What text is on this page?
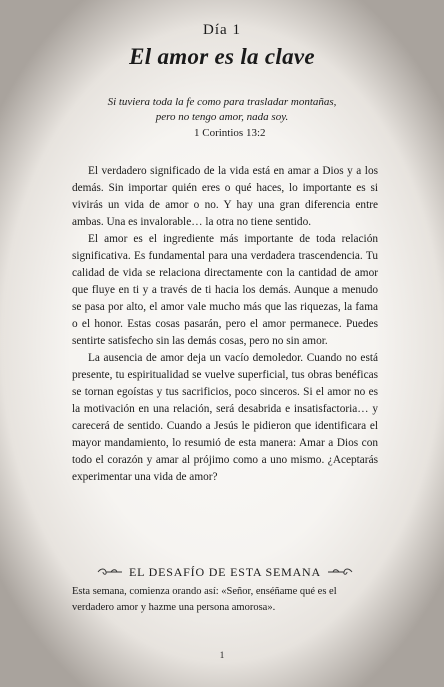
Día 1
El amor es la clave
Si tuviera toda la fe como para trasladar montañas,
pero no tengo amor, nada soy.
1 Corintios 13:2

El verdadero significado de la vida está en amar a Dios y a los demás. Sin importar quién eres o qué haces, lo importante es si vivirás un vida de amor o no. Y hay una gran diferencia entre ambas. Una es invalorable… la otra no tiene sentido.

El amor es el ingrediente más importante de toda relación significativa. Es fundamental para una verdadera trascendencia. Tu calidad de vida se relaciona directamente con la cantidad de amor que fluye en ti y a través de ti hacia los demás. Aunque a menudo se pasa por alto, el amor vale mucho más que las riquezas, la fama o el honor. Estas cosas pasarán, pero el amor permanece. Puedes sentirte satisfecho sin las demás cosas, pero no sin amor.

La ausencia de amor deja un vacío demoledor. Cuando no está presente, tu espiritualidad se vuelve superficial, tus obras benéficas se tornan egoístas y tus sacrificios, poco sinceros. Si el amor no es la motivación en una relación, será desabrida e insatisfactoria… y carecerá de sentido. Cuando a Jesús le pidieron que identificara el mayor mandamiento, lo resumió de esta manera: Amar a Dios con todo el corazón y amar al prójimo como a uno mismo. ¿Aceptarás experimentar una vida de amor?

EL DESAFÍO DE ESTA SEMANA
Esta semana, comienza orando así: «Señor, enséñame qué es el verdadero amor y hazme una persona amorosa».
1
